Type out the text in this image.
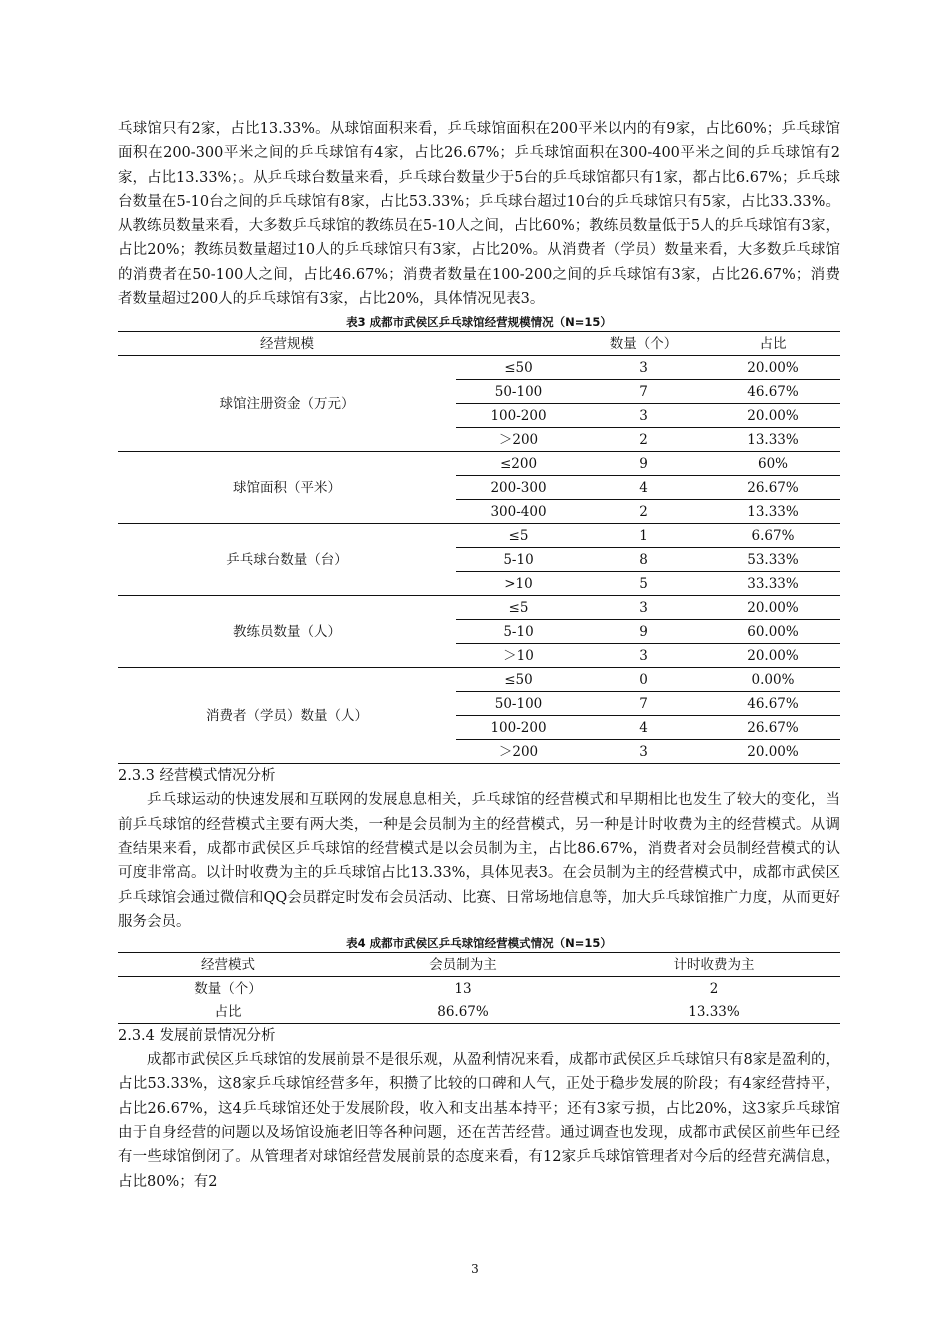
乓球馆只有2家，占比13.33%。从球馆面积来看，乒乓球馆面积在200平米以内的有9家，占比60%；乒乓球馆面积在200-300平米之间的乒乓球馆有4家，占比26.67%；乒乓球馆面积在300-400平米之间的乒乓球馆有2家，占比13.33%；。从乒乓球台数量来看，乒乓球台数量少于5台的乒乓球馆都只有1家，都占比6.67%；乒乓球台数量在5-10台之间的乒乓球馆有8家，占比53.33%；乒乓球台超过10台的乒乓球馆只有5家，占比33.33%。从教练员数量来看，大多数乒乓球馆的教练员在5-10人之间，占比60%；教练员数量低于5人的乒乓球馆有3家，占比20%；教练员数量超过10人的乒乓球馆只有3家，占比20%。从消费者（学员）数量来看，大多数乒乓球馆的消费者在50-100人之间，占比46.67%；消费者数量在100-200之间的乒乓球馆有3家，占比26.67%；消费者数量超过200人的乒乓球馆有3家，占比20%，具体情况见表3。

表3 成都市武侯区乒乓球馆经营规模情况（N=15）

经营规模		数量（个）	占比
球馆注册资金（万元）	≤50	3	20.00%
	50-100	7	46.67%
	100-200	3	20.00%
	＞200	2	13.33%
球馆面积（平米）	≤200	9	60%
	200-300	4	26.67%
	300-400	2	13.33%
乒乓球台数量（台）	≤5	1	6.67%
	5-10	8	53.33%
	>10	5	33.33%
教练员数量（人）	≤5	3	20.00%
	5-10	9	60.00%
	＞10	3	20.00%
消费者（学员）数量（人）	≤50	0	0.00%
	50-100	7	46.67%
	100-200	4	26.67%
	＞200	3	20.00%

2.3.3 经营模式情况分析

乒乓球运动的快速发展和互联网的发展息息相关，乒乓球馆的经营模式和早期相比也发生了较大的变化，当前乒乓球馆的经营模式主要有两大类，一种是会员制为主的经营模式，另一种是计时收费为主的经营模式。从调查结果来看，成都市武侯区乒乓球馆的经营模式是以会员制为主，占比86.67%，消费者对会员制经营模式的认可度非常高。以计时收费为主的乒乓球馆占比13.33%，具体见表3。在会员制为主的经营模式中，成都市武侯区乒乓球馆会通过微信和QQ会员群定时发布会员活动、比赛、日常场地信息等，加大乒乓球馆推广力度，从而更好服务会员。

表4 成都市武侯区乒乓球馆经营模式情况（N=15）

经营模式	会员制为主	计时收费为主
数量（个）	13	2
占比	86.67%	13.33%

2.3.4 发展前景情况分析

成都市武侯区乒乓球馆的发展前景不是很乐观，从盈利情况来看，成都市武侯区乒乓球馆只有8家是盈利的，占比53.33%，这8家乒乓球馆经营多年，积攒了比较的口碑和人气，正处于稳步发展的阶段；有4家经营持平，占比26.67%，这4乒乓球馆还处于发展阶段，收入和支出基本持平；还有3家亏损，占比20%，这3家乒乓球馆由于自身经营的问题以及场馆设施老旧等各种问题，还在苦苦经营。通过调查也发现，成都市武侯区前些年已经有一些球馆倒闭了。从管理者对球馆经营发展前景的态度来看，有12家乒乓球馆管理者对今后的经营充满信息，占比80%；有2

3
